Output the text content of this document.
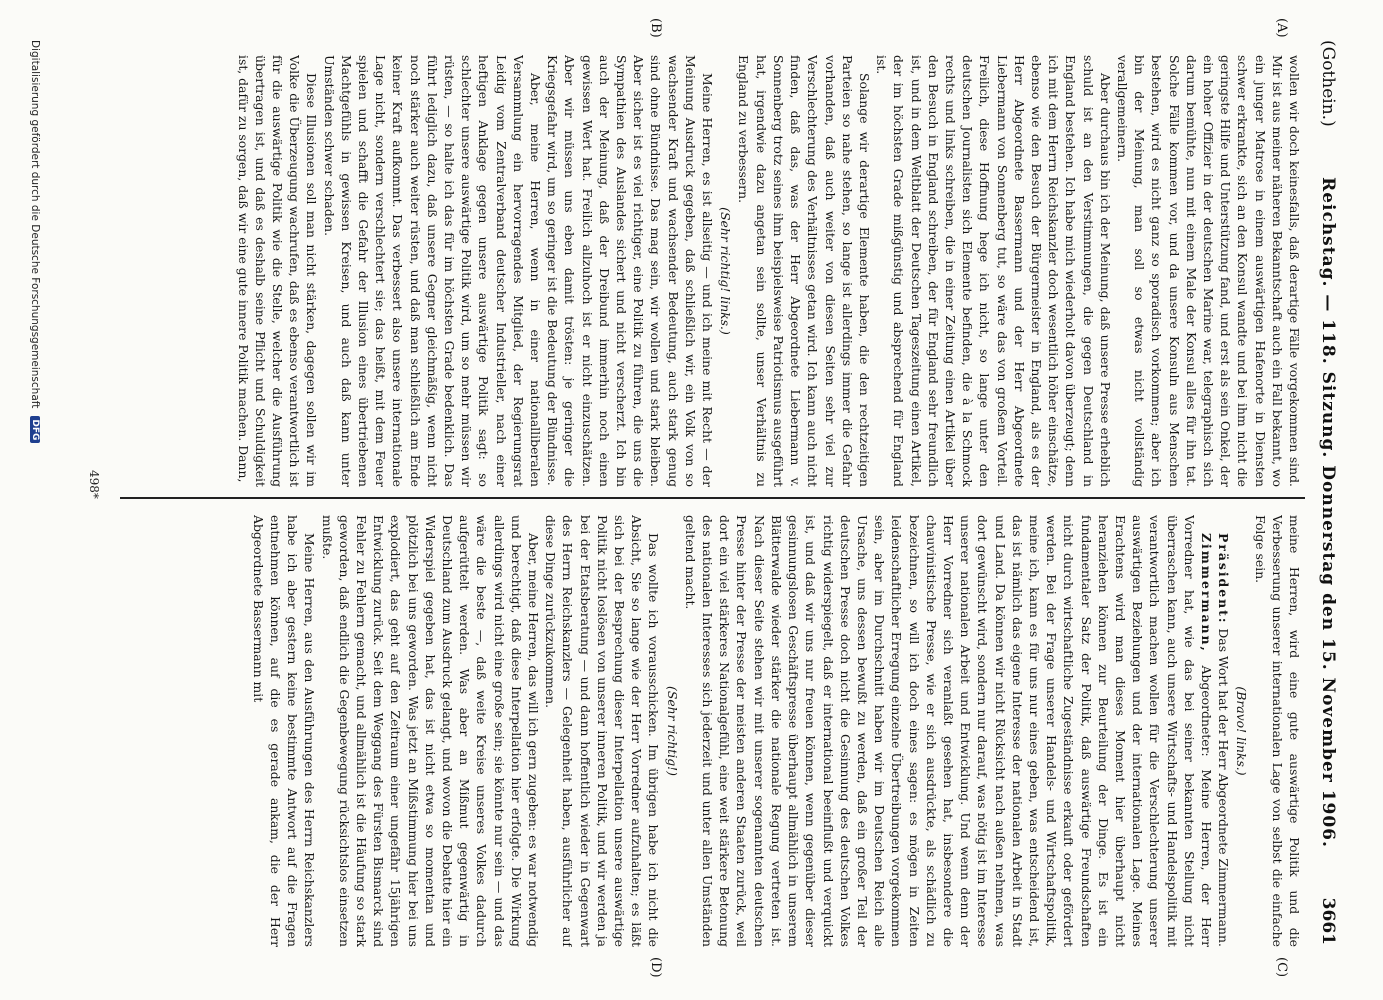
(Gothein.)
Reichstag. — 118. Sitzung. Donnerstag den 15. November 1906.
3661
(A)
(B)
(C)
(D)

wollen wir doch keinesfalls, daß derartige Fälle vorgekommen sind. Mir ist aus meiner näheren Bekanntschaft auch ein Fall bekannt, wo ein junger Matrose in einem auswärtigen Hafenorte in Diensten schwer erkrankte, sich an den Konsul wandte und bei ihm nicht die geringste Hilfe und Unterstützung fand, und erst als sein Onkel, der ein hoher Offizier in der deutschen Marine war, telegraphisch sich darum bemühte, nun mit einem Male der Konsul alles für ihn tat. Solche Fälle kommen vor, und da unsere Konsuln aus Menschen bestehen, wird es nicht ganz so sporadisch vorkommen; aber ich bin der Meinung, man soll so etwas nicht vollständig verallgemeinern.

Aber durchaus bin ich der Meinung, daß unsere Presse erheblich schuld ist an den Verstimmungen, die gegen Deutschland in England bestehen. Ich habe mich wiederholt davon überzeugt; denn ich mit dem Herrn Reichskanzler doch wesentlich höher einschätze, ebenso wie den Besuch der Bürgermeister in England, als es der Herr Abgeordnete Bassermann und der Herr Abgeordnete Liebermann von Sonnenberg tut, so wäre das von großem Vorteil. Freilich, diese Hoffnung hege ich nicht, so lange unter den deutschen Journalisten sich Elemente befinden, die à la Schmock rechts und links schreiben, die in einer Zeitung einen Artikel über den Besuch in England schreiben, der für England sehr freundlich ist, und in dem Weltblatt der Deutschen Tageszeitung einen Artikel, der im höchsten Grade mißgünstig und absprechend für England ist.

Solange wir derartige Elemente haben, die den rechtzeitigen Parteien so nahe stehen, so lange ist allerdings immer die Gefahr vorhanden, daß auch weiter von diesen Seiten sehr viel zur Verschlechterung des Verhältnisses getan wird. Ich kann auch nicht finden, daß das, was der Herr Abgeordnete Liebermann v. Sonnenberg trotz seines ihm beispielsweise Patriotismus ausgeführt hat, irgendwie dazu angetan sein sollte, unser Verhältnis zu England zu verbessern.

(Sehr richtig! links.)

Meine Herren, es ist allseitig — und ich meine mit Recht — der Meinung Ausdruck gegeben, daß schließlich wir, ein Volk von so wachsender Kraft und wachsender Bedeutung, auch stark genug sind ohne Bündnisse. Das mag sein, wir wollen und stark bleiben. Aber sicher ist es viel richtiger, eine Politik zu führen, die uns die Sympathien des Auslandes sichert und nicht verscherzt. Ich bin auch der Meinung, daß der Dreibund immerhin noch einen gewissen Wert hat. Freilich allzuhoch ist er nicht einzuschätzen. Aber wir müssen uns eben damit trösten: je geringer die Kriegsgefahr wird, um so geringer ist die Bedeutung der Bündnisse.

Aber, meine Herren, wenn in einer nationalliberalen Versammlung ein hervorragendes Mitglied, der Regierungsrat Leidig vom Zentralverband deutscher Industrieller, nach einer heftigen Anklage gegen unsere auswärtige Politik sagt: so schlechter unsere auswärtige Politik wird, um so mehr müssen wir rüsten, — so halte ich das für im höchsten Grade bedenklich. Das führt lediglich dazu, daß unsere Gegner gleichmäßig, wenn nicht noch stärker auch weiter rüsten, und daß man schließlich am Ende keiner Kraft aufkommt. Das verbessert also unsere internationale Lage nicht, sondern verschlechtert sie; das heißt, mit dem Feuer spielen und schafft die Gefahr der Illusion eines übertriebenen Machtgefühls in gewissen Kreisen, und auch daß kann unter Umständen schwer schaden.

Diese Illusionen soll man nicht stärken, dagegen sollen wir im Volke die Überzeugung wachrufen, daß es ebenso verantwortlich ist für die auswärtige Politik wie die Stelle, welcher die Ausführung übertragen ist, und daß es deshalb seine Pflicht und Schuldigkeit ist, dafür zu sorgen, daß wir eine gute innere Politik machen. Dann,

meine Herren, wird eine gute auswärtige Politik und die Verbesserung unserer internationalen Lage von selbst die einfache Folge sein.

(Bravo! links.)

Präsident: Das Wort hat der Herr Abgeordnete Zimmermann.

Zimmermann, Abgeordneter: Meine Herren, der Herr Vorredner hat, wie das bei seiner bekannten Stellung nicht überraschen kann, auch unsere Wirtschafts- und Handelspolitik mit verantwortlich machen wollen für die Verschlechterung unserer auswärtigen Beziehungen und der internationalen Lage. Meines Erachtens wird man dieses Moment hier überhaupt nicht heranziehen können zur Beurteilung der Dinge. Es ist ein fundamentaler Satz der Politik, daß auswärtige Freundschaften nicht durch wirtschaftliche Zugeständnisse erkauft oder gefördert werden. Bei der Frage unserer Handels- und Wirtschaftspolitik, meine ich, kann es für uns nur eines geben, was entscheidend ist, das ist nämlich das eigene Interesse der nationalen Arbeit in Stadt und Land. Da können wir nicht Rücksicht nach außen nehmen, was dort gewünscht wird, sondern nur darauf, was nötig ist im Interesse unserer nationalen Arbeit und Entwicklung. Und wenn denn der Herr Vorredner sich veranlaßt gesehen hat, insbesondere die chauvinistische Presse, wie er sich ausdrückte, als schädlich zu bezeichnen, so will ich doch eines sagen: es mögen in Zeiten leidenschaftlicher Erregung einzelne Übertreibungen vorgekommen sein, aber im Durchschnitt haben wir im Deutschen Reich alle Ursache, uns dessen bewußt zu werden, daß ein großer Teil der deutschen Presse doch nicht die Gesinnung des deutschen Volkes richtig widerspiegelt, daß er international beeinflußt und verquickt ist, und daß wir uns nur freuen können, wenn gegenüber dieser gesinnungslosen Geschäftspresse überhaupt allmählich in unserem Blätterwalde wieder stärker die nationale Regung vertreten ist. Nach dieser Seite stehen wir mit unserer sogenannten deutschen Presse hinter der Presse der meisten anderen Staaten zurück, weil dort ein viel stärkeres Nationalgefühl, eine weit stärkere Betonung des nationalen Interesses sich jederzeit und unter allen Umständen geltend macht.

(Sehr richtig!)

Das wollte ich vorausschicken. Im übrigen habe ich nicht die Absicht, Sie so lange wie der Herr Vorredner aufzuhalten; es läßt sich bei der Besprechung dieser Interpellation unsere auswärtige Politik nicht loslösen von unserer inneren Politik, und wir werden ja bei der Etatsberatung — und dann hoffentlich wieder in Gegenwart des Herrn Reichskanzlers — Gelegenheit haben, ausführlicher auf diese Dinge zurückzukommen.

Aber, meine Herren, das will ich gern zugeben: es war notwendig und berechtigt, daß diese Interpellation hier erfolgte. Die Wirkung allerdings wird nicht eine große sein; sie könnte nur sein — und das wäre die beste —, daß weite Kreise unseres Volkes dadurch aufgerüttelt werden. Was aber an Mißmut gegenwärtig in Deutschland zum Ausdruck gelangt, und wovon die Debatte hier ein Widerspiel gegeben hat, das ist nicht etwa so momentan und plötzlich bei uns geworden. Was jetzt an Mißstimmung hier bei uns explodiert, das geht auf den Zeitraum einer ungefähr 15jährigen Entwicklung zurück. Seit dem Weggang des Fürsten Bismarck sind Fehler zu Fehlern gemacht, und allmählich ist die Häufung so stark geworden, daß endlich die Gegenbewegung rücksichtslos einsetzen mußte.

Meine Herren, aus den Ausführungen des Herrn Reichskanzlers habe ich aber gestern keine bestimmte Antwort auf die Fragen entnehmen können, auf die es gerade ankam, die der Herr Abgeordnete Bassermann mit

498*
Digitalisierung gefördert durch die Deutsche Forschungsgemeinschaft
DFG
